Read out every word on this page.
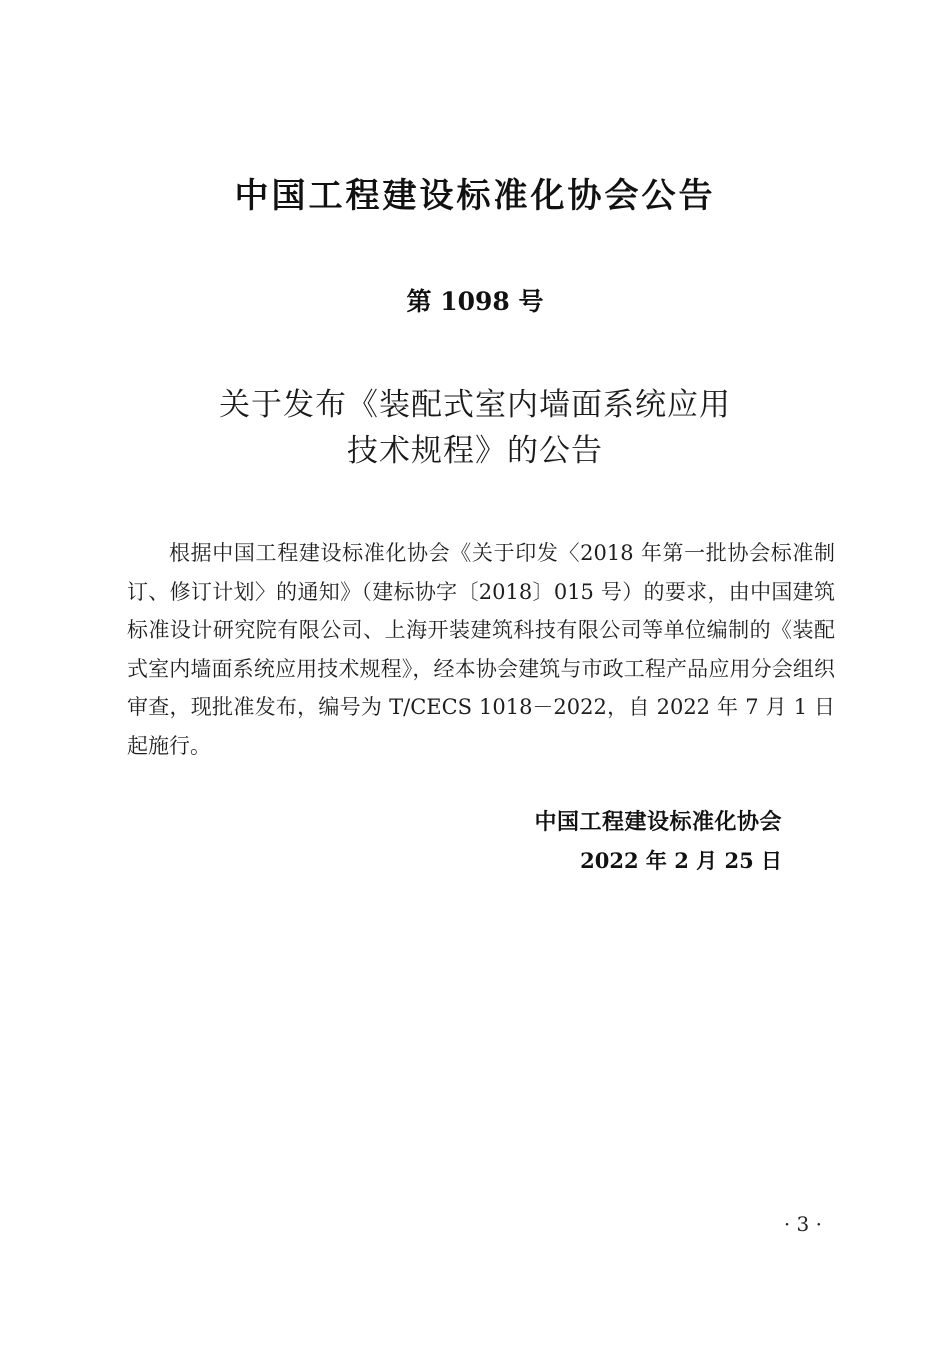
中国工程建设标准化协会公告
第 1098 号
关于发布《装配式室内墙面系统应用
技术规程》的公告
根据中国工程建设标准化协会《关于印发〈2018 年第一批协会标准制订、修订计划〉的通知》（建标协字〔2018〕015 号）的要求，由中国建筑标准设计研究院有限公司、上海开装建筑科技有限公司等单位编制的《装配式室内墙面系统应用技术规程》，经本协会建筑与市政工程产品应用分会组织审查，现批准发布，编号为 T/CECS 1018－2022，自 2022 年 7 月 1 日起施行。
中国工程建设标准化协会
2022 年 2 月 25 日
· 3 ·
